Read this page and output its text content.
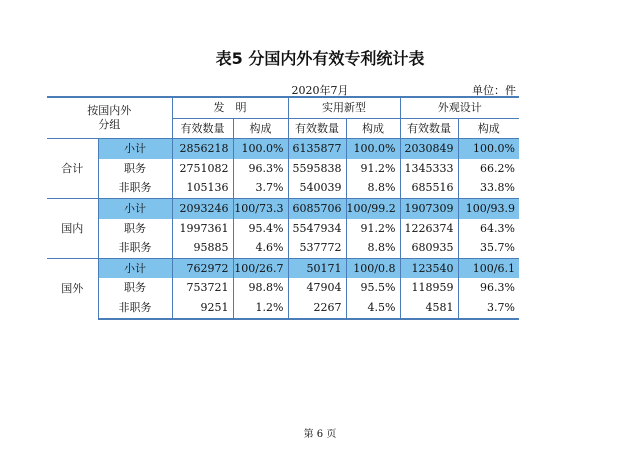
表5 分国内外有效专利统计表
2020年7月	单位：件
按国内外
分组		发　明		实用新型		外观设计	
		有效数量	构成	有效数量	构成	有效数量	构成
合计	小计	2856218	100.0%	6135877	100.0%	2030849	100.0%
	职务	2751082	96.3%	5595838	91.2%	1345333	66.2%
	非职务	105136	3.7%	540039	8.8%	685516	33.8%
国内	小计	2093246	100/73.3	6085706	100/99.2	1907309	100/93.9
	职务	1997361	95.4%	5547934	91.2%	1226374	64.3%
	非职务	95885	4.6%	537772	8.8%	680935	35.7%
国外	小计	762972	100/26.7	50171	100/0.8	123540	100/6.1
	职务	753721	98.8%	47904	95.5%	118959	96.3%
	非职务	9251	1.2%	2267	4.5%	4581	3.7%
第 6 页
